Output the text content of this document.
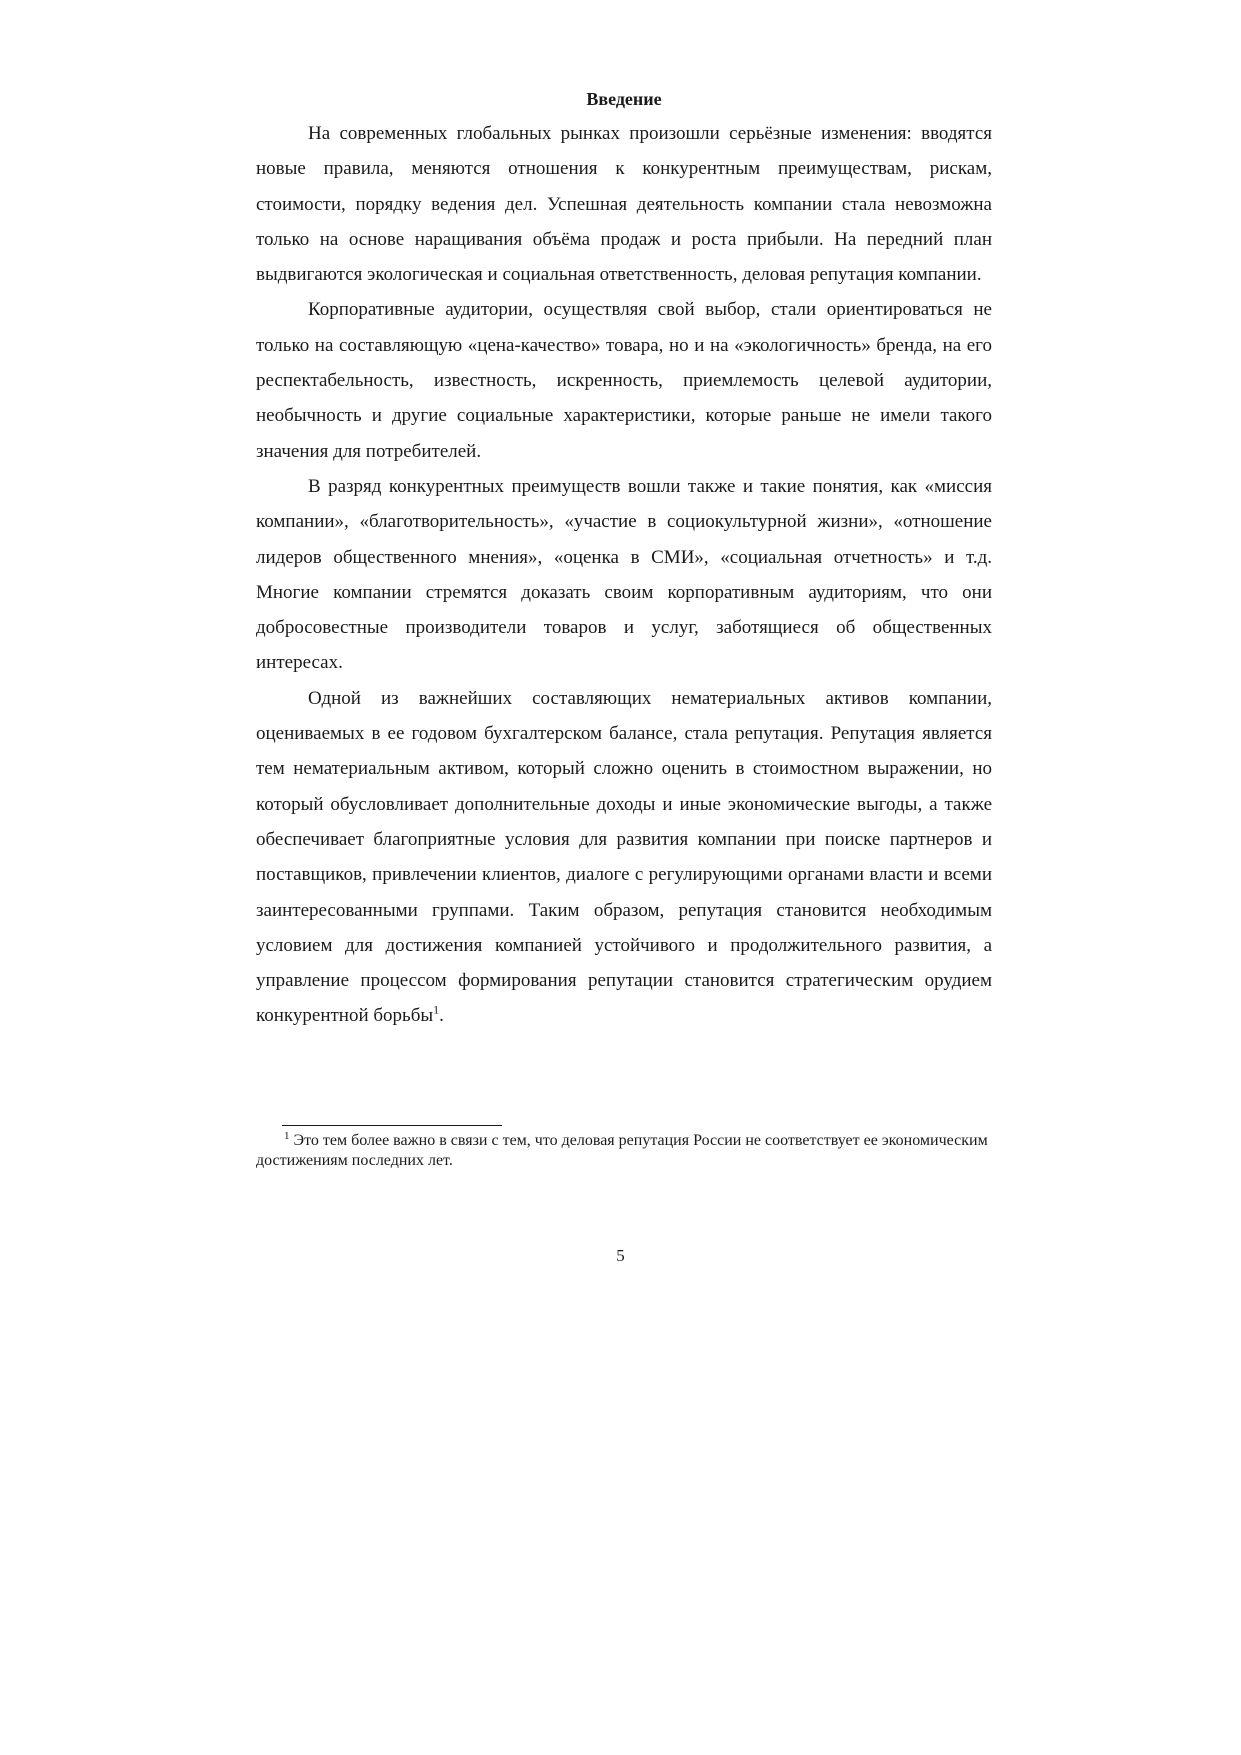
Введение

На современных глобальных рынках произошли серьёзные изменения: вводятся новые правила, меняются отношения к конкурентным преимуществам, рискам, стоимости, порядку ведения дел. Успешная деятельность компании стала невозможна только на основе наращивания объёма продаж и роста прибыли. На передний план выдвигаются экологическая и социальная ответственность, деловая репутация компании.

Корпоративные аудитории, осуществляя свой выбор, стали ориентироваться не только на составляющую «цена-качество» товара, но и на «экологичность» бренда, на его респектабельность, известность, искренность, приемлемость целевой аудитории, необычность и другие социальные характеристики, которые раньше не имели такого значения для потребителей.

В разряд конкурентных преимуществ вошли также и такие понятия, как «миссия компании», «благотворительность», «участие в социокультурной жизни», «отношение лидеров общественного мнения», «оценка в СМИ», «социальная отчетность» и т.д. Многие компании стремятся доказать своим корпоративным аудиториям, что они добросовестные производители товаров и услуг, заботящиеся об общественных интересах.

Одной из важнейших составляющих нематериальных активов компании, оцениваемых в ее годовом бухгалтерском балансе, стала репутация. Репутация является тем нематериальным активом, который сложно оценить в стоимостном выражении, но который обусловливает дополнительные доходы и иные экономические выгоды, а также обеспечивает благоприятные условия для развития компании при поиске партнеров и поставщиков, привлечении клиентов, диалоге с регулирующими органами власти и всеми заинтересованными группами. Таким образом, репутация становится необходимым условием для достижения компанией устойчивого и продолжительного развития, а управление процессом формирования репутации становится стратегическим орудием конкурентной борьбы$^1$.

$^1$ Это тем более важно в связи с тем, что деловая репутация России не соответствует ее экономическим достижениям последних лет.

5
